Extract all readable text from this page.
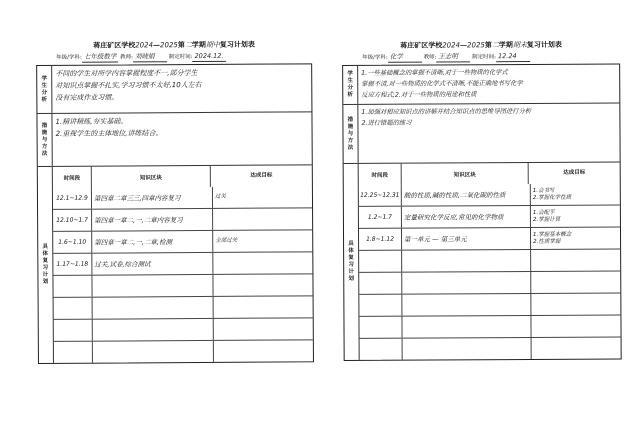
蒋庄矿区学校2024—2025第二学期期中复习计划表
年级/学科: 七年级数学 教师: 刘晓娟	制定时间: 2024.12.
学
生
分
析
不同的学生对所学内容掌握程度不一,部分学生
对知识点掌握不扎实,学习习惯不太好,10人左右
没有完成作业习惯。
措
施
与
方
法
1.精讲精练,夯实基础。
2.重视学生的主体地位,讲练结合。
具
体
复
习
计
划
时间段	知识区块	达成目标
12.1~12.9 第四章二章三三,四章内容复习	过关
12.10~1.7 第四章一章二,一,二章内容复习
1.6~1.10	第四章一章二,一,二章,检测	全部过关
1.17~1.18 过关,试卷,综合测试
蒋庄矿区学校2024—2025第二学期期末复习计划表
年级/学科: 化学	教师: 王志明	制定时间: 12.24
学
生
分
析
1.一些基础概念的掌握不清晰,对于一些物质的化学式
掌握不清,对一些物质的化学式不清晰,不能正确地书写化学
反应方程式;2.对于一些物质的用途和性质
措
施
与
方
法
1.加强对相应知识点的讲解并结合知识点的思维导图进行分析
2.进行错题的练习
具
体
复
习
计
划
时间段	知识区块	达成目标
12.25~12.31 酸的性质,碱的性质,二氧化碳的性质
1.会书写
2.掌握化学性质
1.2~1.7	定量研究化学反应,常见的化学物质
1.会配平
2.掌握计算
1.8~1.12	第一单元 — 第三单元
1.掌握基本概念
2.性质掌握
